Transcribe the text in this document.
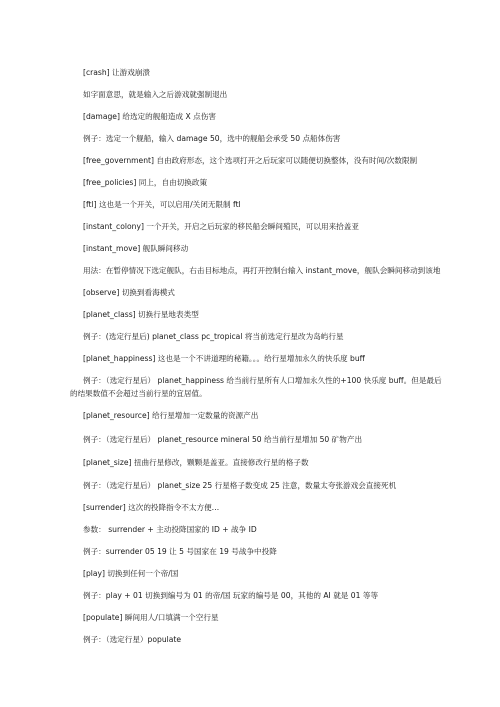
[crash] 让游戏崩溃
如字面意思，就是输入之后游戏就强制退出
[damage] 给选定的舰船造成 X 点伤害
例子：选定一个舰船，输入 damage 50，选中的舰船会承受 50 点船体伤害
[free_government] 自由政府形态，这个选项打开之后玩家可以随便切换整体，没有时间/次数限制
[free_policies] 同上，自由切换政策
[ftl] 这也是一个开关，可以启用/关闭无限制 ftl
[instant_colony] 一个开关，开启之后玩家的移民船会瞬间殖民，可以用来拾盖亚
[instant_move] 舰队瞬间移动
用法：在暂停情况下选定舰队，右击目标地点，再打开控制台输入 instant_move，舰队会瞬间移动到该地
[observe] 切换到看海模式
[planet_class] 切换行星地表类型
例子：(选定行星后) planet_class pc_tropical 将当前选定行星改为岛屿行星
[planet_happiness] 这也是一个不讲道理的秘籍。。。给行星增加永久的快乐度 buff
例子：（选定行星后） planet_happiness 给当前行星所有人口增加永久性的+100 快乐度 buff。但是最后
的结果数值不会超过当前行星的宜居值。
[planet_resource] 给行星增加一定数量的资源产出
例子：（选定行星后） planet_resource mineral 50 给当前行星增加 50 矿物产出
[planet_size] 扭曲行星修改，颗颗是盖亚。直接修改行星的格子数
例子：（选定行星后） planet_size 25 行星格子数变成 25 注意，数量太夸张游戏会直接死机
[surrender] 这次的投降指令不太方便…
参数： surrender + 主动投降国家的 ID + 战争 ID
例子：surrender 05 19 让 5 号国家在 19 号战争中投降
[play] 切换到任何一个帝/国
例子：play + 01 切换到编号为 01 的帝/国 玩家的编号是 00，其他的 AI 就是 01 等等
[populate] 瞬间用人/口填满一个空行星
例子：（选定行星）populate
